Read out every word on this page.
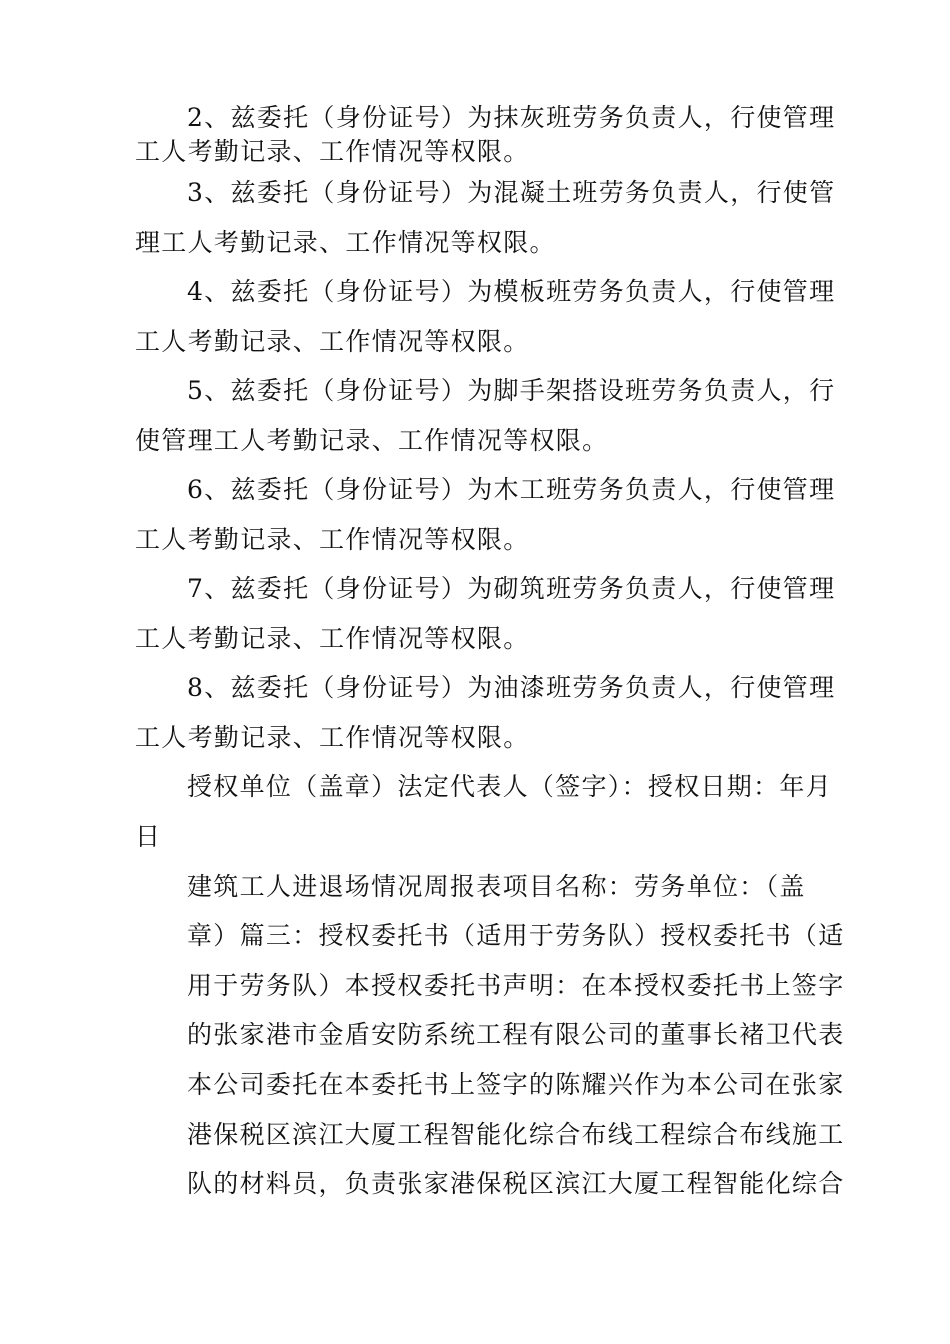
2、兹委托（身份证号）为抹灰班劳务负责人，行使管理
工人考勤记录、工作情况等权限。
3、兹委托（身份证号）为混凝土班劳务负责人，行使管
理工人考勤记录、工作情况等权限。
4、兹委托（身份证号）为模板班劳务负责人，行使管理
工人考勤记录、工作情况等权限。
5、兹委托（身份证号）为脚手架搭设班劳务负责人，行
使管理工人考勤记录、工作情况等权限。
6、兹委托（身份证号）为木工班劳务负责人，行使管理
工人考勤记录、工作情况等权限。
7、兹委托（身份证号）为砌筑班劳务负责人，行使管理
工人考勤记录、工作情况等权限。
8、兹委托（身份证号）为油漆班劳务负责人，行使管理
工人考勤记录、工作情况等权限。
授权单位（盖章）法定代表人（签字）：授权日期：年月
日
建筑工人进退场情况周报表项目名称：劳务单位：（盖
章）篇三：授权委托书（适用于劳务队）授权委托书（适
用于劳务队）本授权委托书声明：在本授权委托书上签字
的张家港市金盾安防系统工程有限公司的董事长褚卫代表
本公司委托在本委托书上签字的陈耀兴作为本公司在张家
港保税区滨江大厦工程智能化综合布线工程综合布线施工
队的材料员，负责张家港保税区滨江大厦工程智能化综合
